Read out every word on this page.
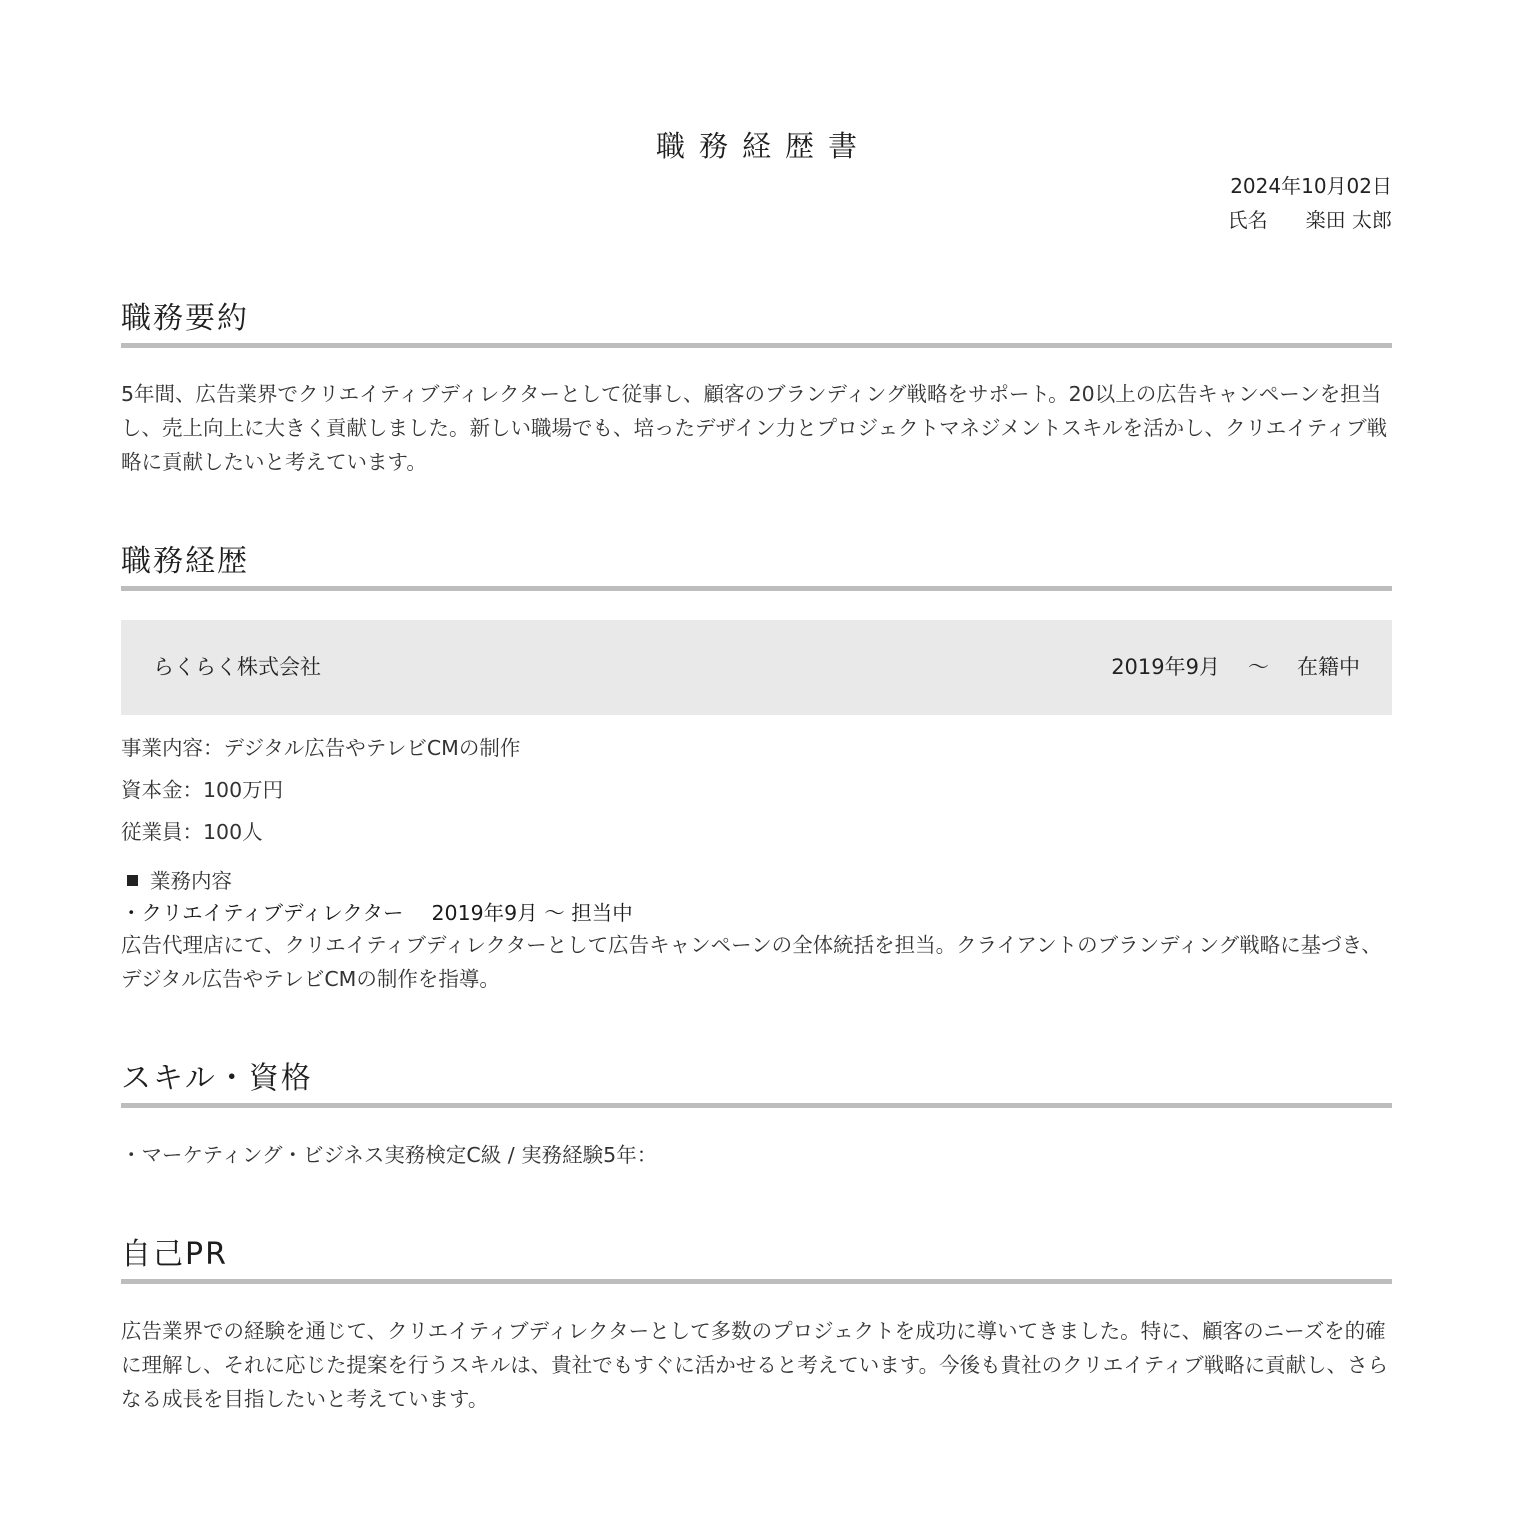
職務経歴書
2024年10月02日
氏名 楽田 太郎
職務要約

5年間、広告業界でクリエイティブディレクターとして従事し、顧客のブランディング戦略をサポート。20以上の広告キャンペーンを担当し、売上向上に大きく貢献しました。新しい職場でも、培ったデザイン力とプロジェクトマネジメントスキルを活かし、クリエイティブ戦略に貢献したいと考えています。

職務経歴
らくらく株式会社	2019年9月 〜 在籍中
事業内容：デジタル広告やテレビCMの制作
資本金：100万円
従業員：100人
業務内容
・クリエイティブディレクター 2019年9月 〜 担当中

広告代理店にて、クリエイティブディレクターとして広告キャンペーンの全体統括を担当。クライアントのブランディング戦略に基づき、デジタル広告やテレビCMの制作を指導。

スキル・資格
・マーケティング・ビジネス実務検定C級 / 実務経験5年：
自己PR

広告業界での経験を通じて、クリエイティブディレクターとして多数のプロジェクトを成功に導いてきました。特に、顧客のニーズを的確に理解し、それに応じた提案を行うスキルは、貴社でもすぐに活かせると考えています。今後も貴社のクリエイティブ戦略に貢献し、さらなる成長を目指したいと考えています。
